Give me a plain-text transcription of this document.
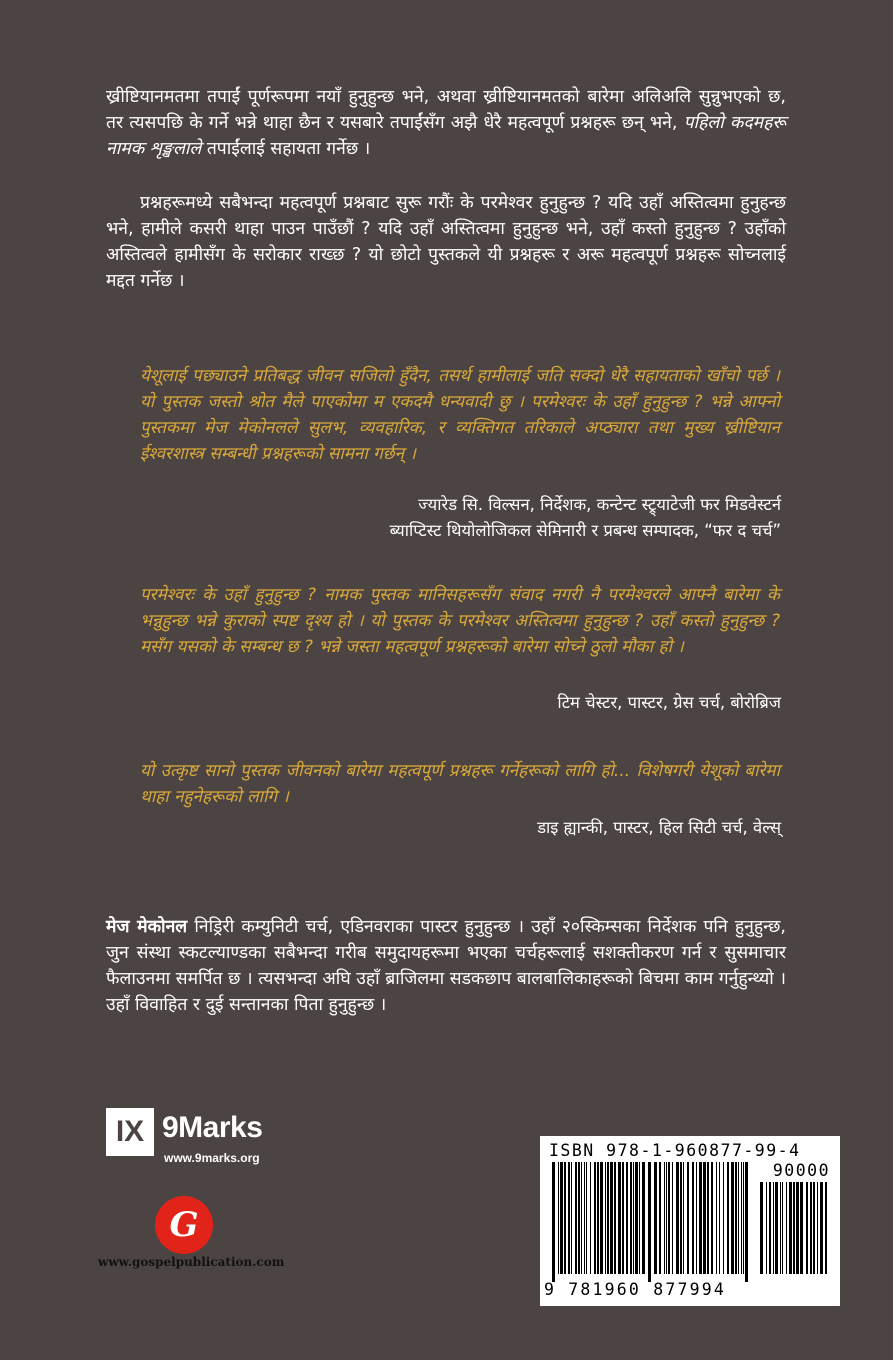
ख्रीष्टियानमतमा तपाईं पूर्णरूपमा नयाँ हुनुहुन्छ भने, अथवा ख्रीष्टियानमतको बारेमा अलिअलि सुन्नुभएको छ, तर त्यसपछि के गर्ने भन्ने थाहा छैन र यसबारे तपाईंसँग अझै धेरै महत्वपूर्ण प्रश्नहरू छन् भने, पहिलो कदमहरू नामक शृङ्खलाले तपाईंलाई सहायता गर्नेछ ।

प्रश्नहरूमध्ये सबैभन्दा महत्वपूर्ण प्रश्नबाट सुरू गरौंः के परमेश्वर हुनुहुन्छ ? यदि उहाँ अस्तित्वमा हुनुहन्छ भने, हामीले कसरी थाहा पाउन पाउँछौं ? यदि उहाँ अस्तित्वमा हुनुहुन्छ भने, उहाँ कस्तो हुनुहुन्छ ? उहाँको अस्तित्वले हामीसँग के सरोकार राख्छ ? यो छोटो पुस्तकले यी प्रश्नहरू र अरू महत्वपूर्ण प्रश्नहरू सोच्नलाई मद्दत गर्नेछ ।

येशूलाई पछ्याउने प्रतिबद्ध जीवन सजिलो हुँदैन, तसर्थ हामीलाई जति सक्दो धेरै सहायताको खाँचो पर्छ । यो पुस्तक जस्तो श्रोत मैले पाएकोमा म एकदमै धन्यवादी छु । परमेश्वरः के उहाँ हुनुहुन्छ ? भन्ने आफ्नो पुस्तकमा मेज मेकोनलले सुलभ, व्यवहारिक, र व्यक्तिगत तरिकाले अप्ठ्यारा तथा मुख्य ख्रीष्टियान ईश्वरशास्त्र सम्बन्धी प्रश्नहरूको सामना गर्छन् ।

ज्यारेड सि. विल्सन, निर्देशक, कन्टेन्ट स्ट्र्याटेजी फर मिडवेस्टर्न
ब्याप्टिस्ट थियोलोजिकल सेमिनारी र प्रबन्ध सम्पादक, “फर द चर्च”

परमेश्वरः के उहाँ हुनुहुन्छ ? नामक पुस्तक मानिसहरूसँग संवाद नगरी नै परमेश्वरले आफ्नै बारेमा के भन्नुहुन्छ भन्ने कुराको स्पष्ट दृश्य हो । यो पुस्तक के परमेश्वर अस्तित्वमा हुनुहुन्छ ? उहाँ कस्तो हुनुहुन्छ ? मसँग यसको के सम्बन्ध छ ? भन्ने जस्ता महत्वपूर्ण प्रश्नहरूको बारेमा सोच्ने ठुलो मौका हो ।

टिम चेस्टर, पास्टर, ग्रेस चर्च, बोरोब्रिज

यो उत्कृष्ट सानो पुस्तक जीवनको बारेमा महत्वपूर्ण प्रश्नहरू गर्नेहरूको लागि हो... विशेषगरी येशूको बारेमा थाहा नहुनेहरूको लागि ।

डाइ ह्यान्की, पास्टर, हिल सिटी चर्च, वेल्स्

मेज मेकोनल निड्रिरी कम्युनिटी चर्च, एडिनवराका पास्टर हुनुहुन्छ । उहाँ २०स्किम्सका निर्देशक पनि हुनुहुन्छ, जुन संस्था स्कटल्याण्डका सबैभन्दा गरीब समुदायहरूमा भएका चर्चहरूलाई सशक्तीकरण गर्न र सुसमाचार फैलाउनमा समर्पित छ । त्यसभन्दा अघि उहाँ ब्राजिलमा सडकछाप बालबालिकाहरूको बिचमा काम गर्नुहुन्थ्यो । उहाँ विवाहित र दुई सन्तानका पिता हुनुहुन्छ ।

IX 9Marks
www.9marks.org
G
www.gospelpublication.com
ISBN 978-1-960877-99-4
90000
9 781960 877994
